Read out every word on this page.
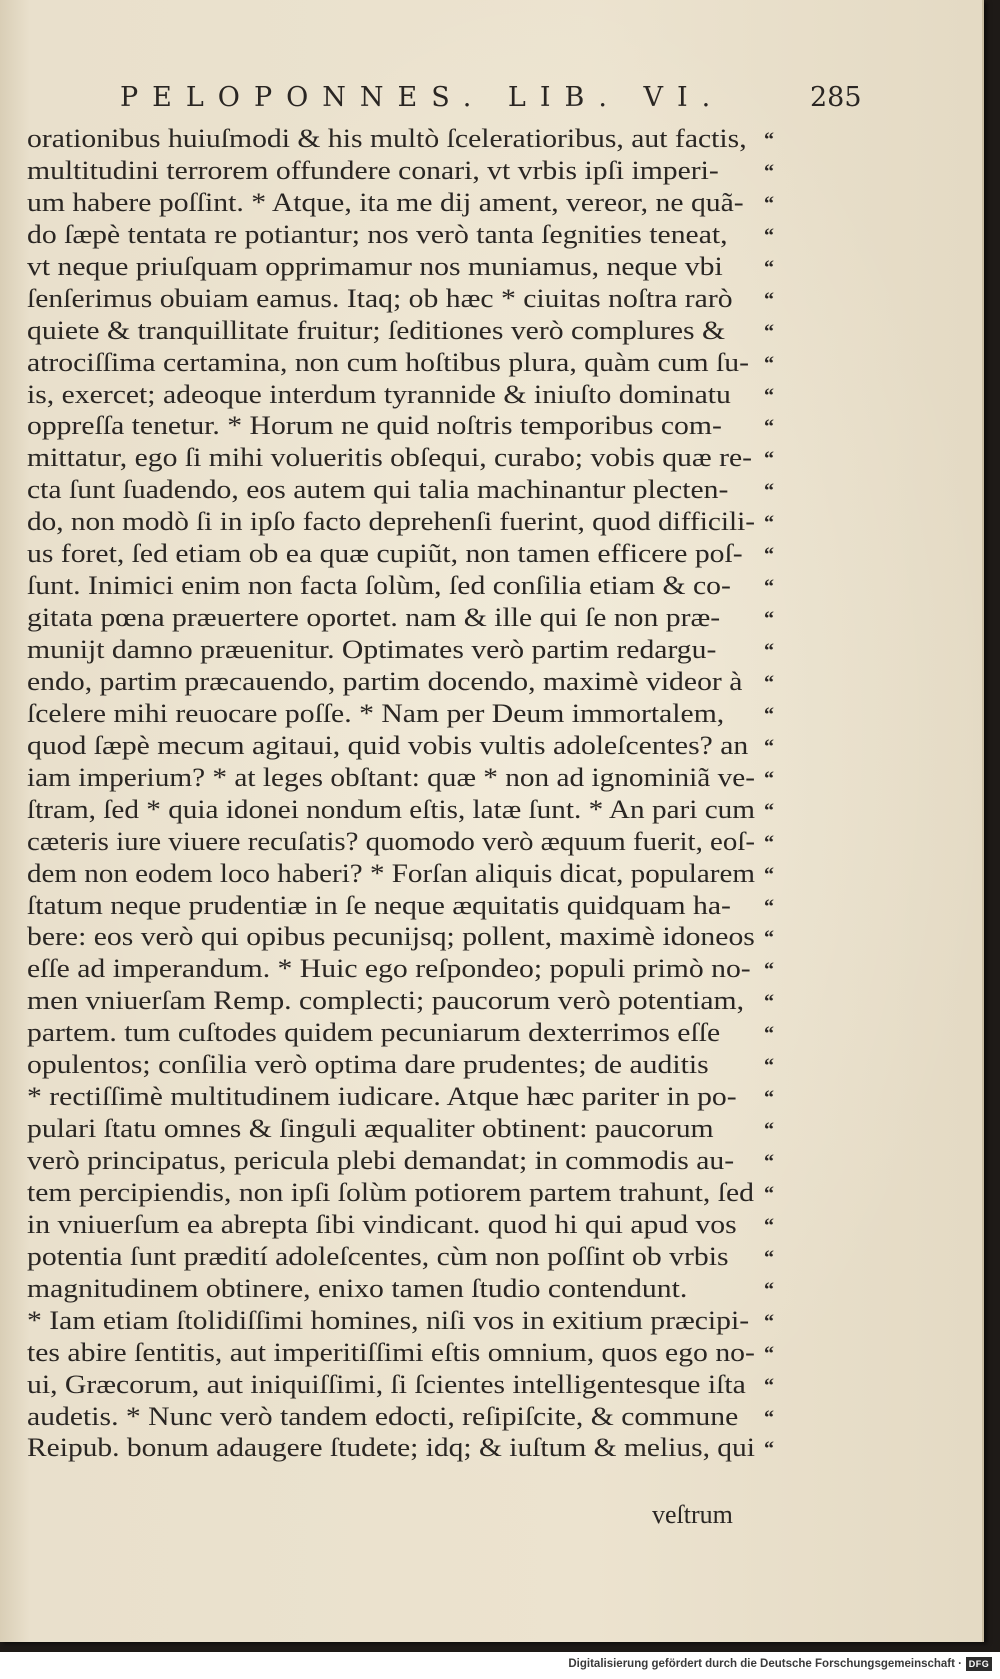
PELOPONNES. LIB. VI.	285
orationibus huiuſmodi & his multò ſceleratioribus, aut factis,
multitudini terrorem offundere conari, vt vrbis ipſi imperi-
um habere poſſint. * Atque, ita me dij ament, vereor, ne quã-
do ſæpè tentata re potiantur; nos verò tanta ſegnities teneat,
vt neque priuſquam opprimamur nos muniamus, neque vbi
ſenſerimus obuiam eamus. Itaq; ob hæc * ciuitas noſtra rarò
quiete & tranquillitate fruitur; ſeditiones verò complures &
atrociſſima certamina, non cum hoſtibus plura, quàm cum ſu-
is, exercet; adeoque interdum tyrannide & iniuſto dominatu
oppreſſa tenetur. * Horum ne quid noſtris temporibus com-
mittatur, ego ſi mihi volueritis obſequi, curabo; vobis quæ re-
cta ſunt ſuadendo, eos autem qui talia machinantur plecten-
do, non modò ſi in ipſo facto deprehenſi fuerint, quod difficili-
us foret, ſed etiam ob ea quæ cupiũt, non tamen efficere poſ-
ſunt. Inimici enim non facta ſolùm, ſed conſilia etiam & co-
gitata pœna præuertere oportet. nam & ille qui ſe non præ-
munijt damno præuenitur. Optimates verò partim redargu-
endo, partim præcauendo, partim docendo, maximè videor à
ſcelere mihi reuocare poſſe. * Nam per Deum immortalem,
quod ſæpè mecum agitaui, quid vobis vultis adoleſcentes? an
iam imperium? * at leges obſtant: quæ * non ad ignominiã ve-
ſtram, ſed * quia idonei nondum eſtis, latæ ſunt. * An pari cum
cæteris iure viuere recuſatis? quomodo verò æquum fuerit, eoſ-
dem non eodem loco haberi? * Forſan aliquis dicat, popularem
ſtatum neque prudentiæ in ſe neque æquitatis quidquam ha-
bere: eos verò qui opibus pecunijsq; pollent, maximè idoneos
eſſe ad imperandum. * Huic ego reſpondeo; populi primò no-
men vniuerſam Remp. complecti; paucorum verò potentiam,
partem. tum cuſtodes quidem pecuniarum dexterrimos eſſe
opulentos; conſilia verò optima dare prudentes; de auditis
* rectiſſimè multitudinem iudicare. Atque hæc pariter in po-
pulari ſtatu omnes & ſinguli æqualiter obtinent: paucorum
verò principatus, pericula plebi demandat; in commodis au-
tem percipiendis, non ipſi ſolùm potiorem partem trahunt, ſed
in vniuerſum ea abrepta ſibi vindicant. quod hi qui apud vos
potentia ſunt prædití adoleſcentes, cùm non poſſint ob vrbis
magnitudinem obtinere, enixo tamen ſtudio contendunt.
* Iam etiam ſtolidiſſimi homines, niſi vos in exitium præcipi-
tes abire ſentitis, aut imperitiſſimi eſtis omnium, quos ego no-
ui, Græcorum, aut iniquiſſimi, ſi ſcientes intelligentesque iſta
audetis. * Nunc verò tandem edocti, reſipiſcite, & commune
Reipub. bonum adaugere ſtudete; idq; & iuſtum & melius, qui
“
“
“
“
“
“
“
“
“
“
“
“
“
“
“
“
“
“
“
“
“
“
“
“
“
“
“
“
“
“
“
“
“
“
“
“
“
“
“
“
“
“
veſtrum
Digitalisierung gefördert durch die Deutsche Forschungsgemeinschaft · DFG
